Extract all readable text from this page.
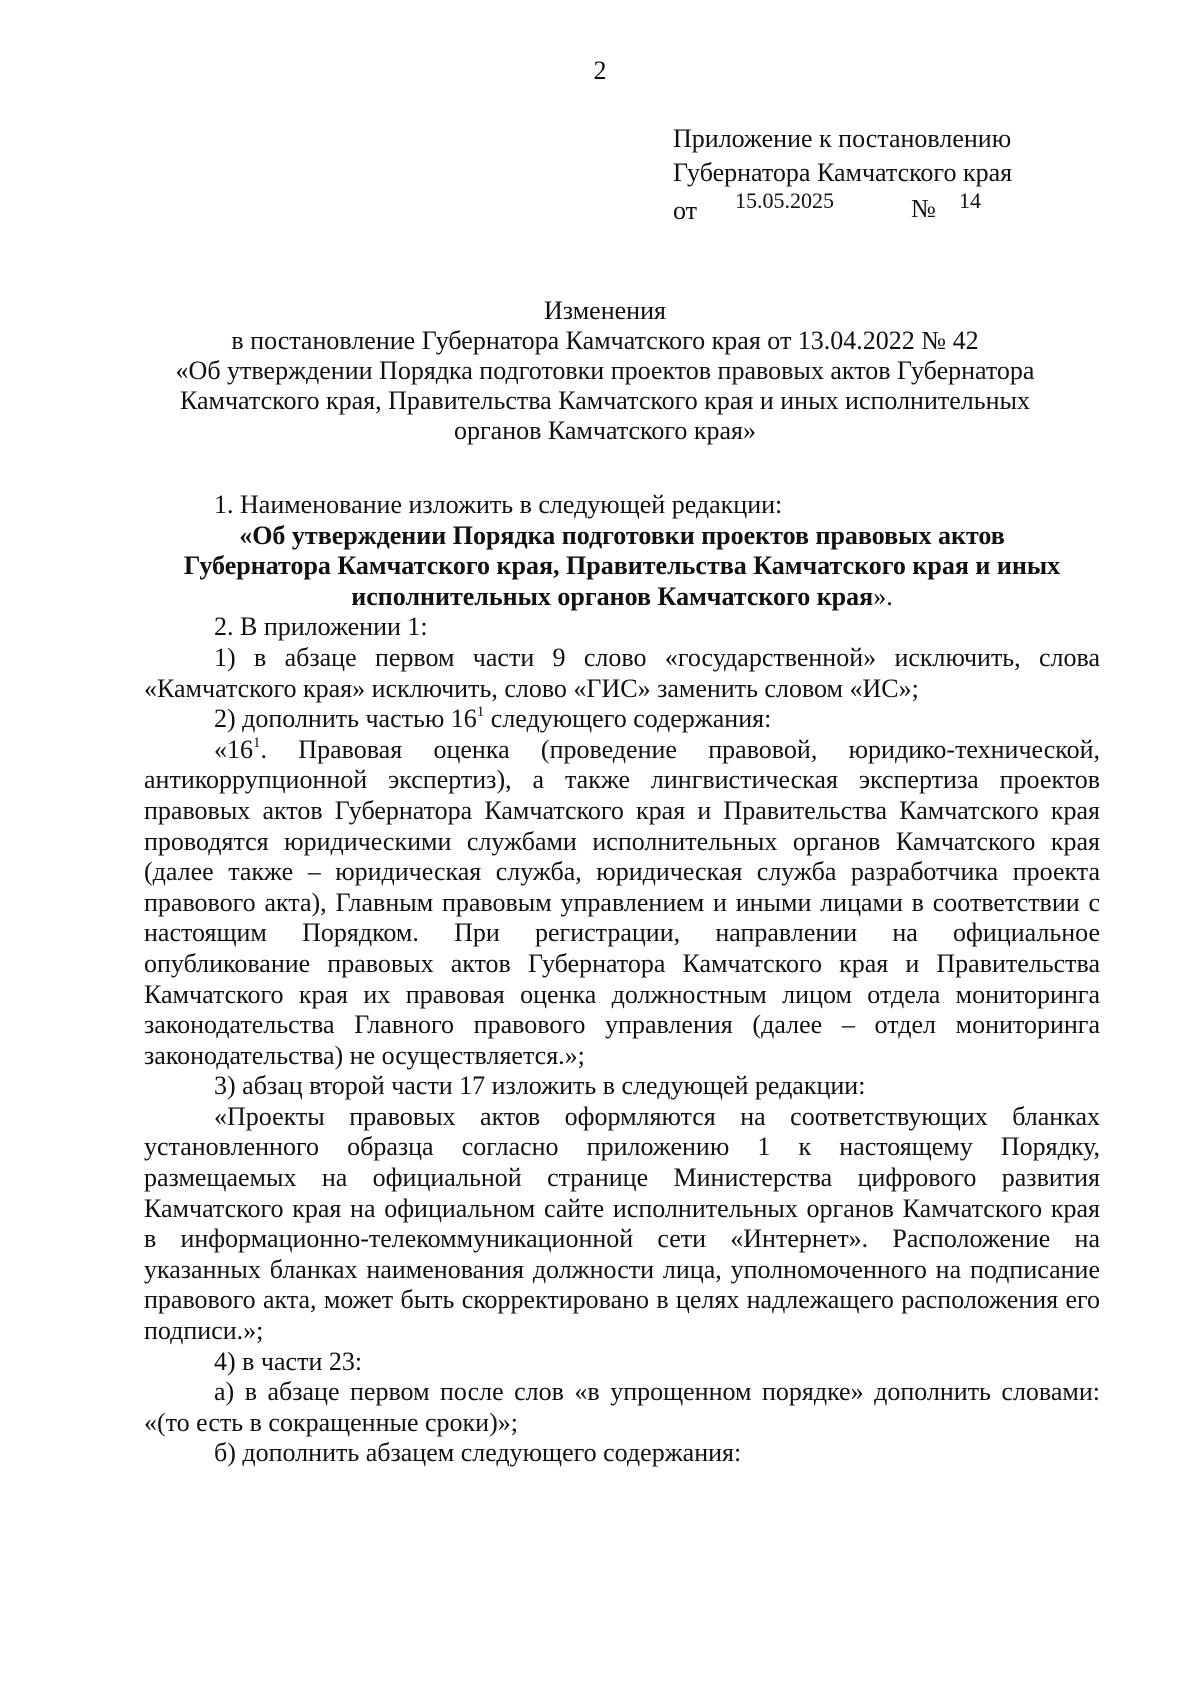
2
Приложение к постановлению
Губернатора Камчатского края
от 15.05.2025	№ 14
Изменения
в постановление Губернатора Камчатского края от 13.04.2022 № 42
«Об утверждении Порядка подготовки проектов правовых актов Губернатора
Камчатского края, Правительства Камчатского края и иных исполнительных
органов Камчатского края»

1. Наименование изложить в следующей редакции:

«Об утверждении Порядка подготовки проектов правовых актов

Губернатора Камчатского края, Правительства Камчатского края и иных

исполнительных органов Камчатского края».

2. В приложении 1:

1) в абзаце первом части 9 слово «государственной» исключить, слова

«Камчатского края» исключить, слово «ГИС» заменить словом «ИС»;

2) дополнить частью $16^1$ следующего содержания:

«$16^1$. Правовая оценка (проведение правовой, юридико-технической, антикоррупционной экспертиз), а также лингвистическая экспертиза проектов правовых актов Губернатора Камчатского края и Правительства Камчатского края проводятся юридическими службами исполнительных органов Камчатского края (далее также – юридическая служба, юридическая служба разработчика проекта правового акта), Главным правовым управлением и иными лицами в соответствии с настоящим Порядком. При регистрации, направлении на официальное опубликование правовых актов Губернатора Камчатского края и Правительства Камчатского края их правовая оценка должностным лицом отдела мониторинга законодательства Главного правового управления (далее – отдел мониторинга законодательства) не осуществляется.»;

3) абзац второй части 17 изложить в следующей редакции:

«Проекты правовых актов оформляются на соответствующих бланках установленного образца согласно приложению 1 к настоящему Порядку, размещаемых на официальной странице Министерства цифрового развития Камчатского края на официальном сайте исполнительных органов Камчатского края в информационно-телекоммуникационной сети «Интернет». Расположение на указанных бланках наименования должности лица, уполномоченного на подписание правового акта, может быть скорректировано в целях надлежащего расположения его подписи.»;

4) в части 23:

а) в абзаце первом после слов «в упрощенном порядке» дополнить словами: «(то есть в сокращенные сроки)»;

б) дополнить абзацем следующего содержания:
